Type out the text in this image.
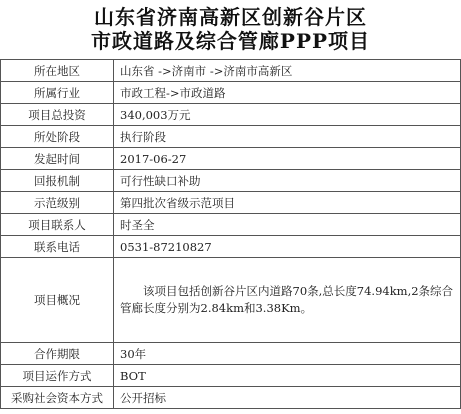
山东省济南高新区创新谷片区
市政道路及综合管廊PPP项目
所在地区	山东省 ->济南市 ->济南市高新区
所属行业	市政工程->市政道路
项目总投资	340,003万元
所处阶段	执行阶段
发起时间	2017-06-27
回报机制	可行性缺口补助
示范级别	第四批次省级示范项目
项目联系人	时圣全
联系电话	0531-87210827
项目概况	该项目包括创新谷片区内道路70条,总长度74.94km,2条综合管廊长度分别为2.84km和3.38Km。
合作期限	30年
项目运作方式	BOT
采购社会资本方式	公开招标
